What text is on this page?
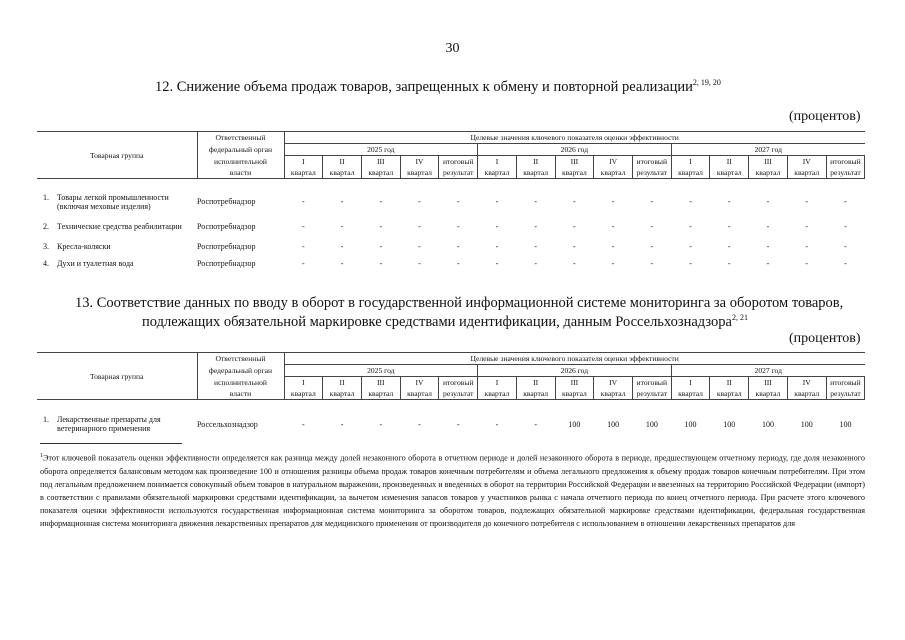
30
12. Снижение объема продаж товаров, запрещенных к обмену и повторной реализации$^{2, 19, 20}$
(процентов)
Товарная группа	Ответственный	Целевые значения ключевого показателя оценки эффективности														
	федеральный орган	2025 год					2026 год					2027 год				
	исполнительной	I	II	III	IV	итоговый	I	II	III	IV	итоговый	I	II	III	IV	итоговый
	власти	квартал	квартал	квартал	квартал	результат	квартал	квартал	квартал	квартал	результат	квартал	квартал	квартал	квартал	результат

1. Товары легкой промышленности (включая меховые изделия)	Роспотребнадзор	-	-	-	-	-	-	-	-	-	-	-	-	-	-	-

2. Технические средства реабилитации	Роспотребнадзор	-	-	-	-	-	-	-	-	-	-	-	-	-	-	-

3. Кресла-коляски	Роспотребнадзор	-	-	-	-	-	-	-	-	-	-	-	-	-	-	-

4. Духи и туалетная вода	Роспотребнадзор	-	-	-	-	-	-	-	-	-	-	-	-	-	-	-
13. Соответствие данных по вводу в оборот в государственной информационной системе мониторинга за оборотом товаров,
подлежащих обязательной маркировке средствами идентификации, данным Россельхознадзора$^{2, 21}$
(процентов)
Товарная группа	Ответственный	Целевые значения ключевого показателя оценки эффективности														
	федеральный орган	2025 год					2026 год					2027 год				
	исполнительной	I	II	III	IV	итоговый	I	II	III	IV	итоговый	I	II	III	IV	итоговый
	власти	квартал	квартал	квартал	квартал	результат	квартал	квартал	квартал	квартал	результат	квартал	квартал	квартал	квартал	результат

1. Лекарственные препараты для ветеринарного применения	Россельхознадзор	-	-	-	-	-	-	-	100	100	100	100	100	100	100	100
$^1$Этот ключевой показатель оценки эффективности определяется как разница между долей незаконного оборота в отчетном периоде и долей незаконного оборота в периоде, предшествующем отчетному периоду, где доля незаконного оборота определяется балансовым методом как произведение 100 и отношения разницы объема продаж товаров конечным потребителям и объема легального предложения к объему продаж товаров конечным потребителям. При этом под легальным предложением понимается совокупный объем товаров в натуральном выражении, произведенных и введенных в оборот на территории Российской Федерации и ввезенных на территорию Российской Федерации (импорт) в соответствии с правилами обязательной маркировки средствами идентификации, за вычетом изменения запасов товаров у участников рынка с начала отчетного периода по конец отчетного периода. При расчете этого ключевого показателя оценки эффективности используются государственная информационная система мониторинга за оборотом товаров, подлежащих обязательной маркировке средствами идентификации, федеральная государственная информационная система мониторинга движения лекарственных препаратов для медицинского применения от производителя до конечного потребителя с использованием в отношении лекарственных препаратов для
